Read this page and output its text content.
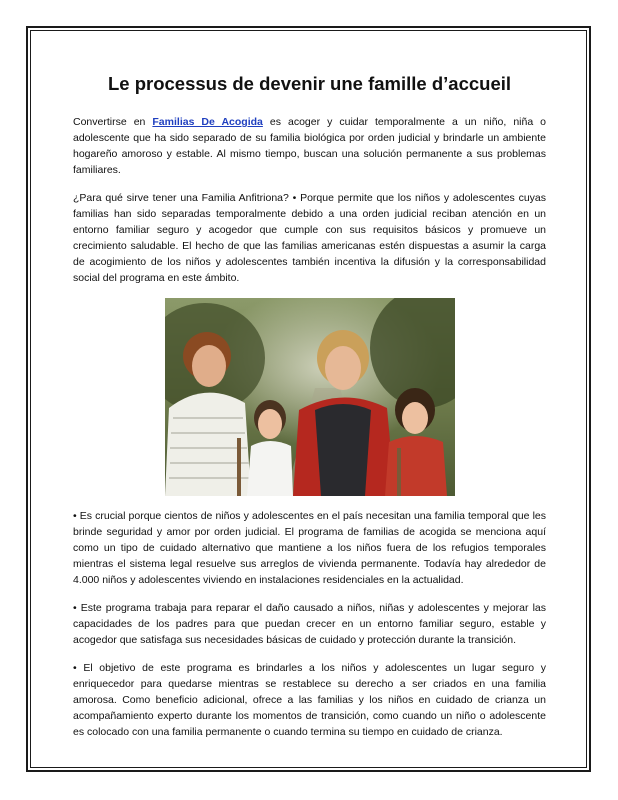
Le processus de devenir une famille d’accueil

Convertirse en Familias De Acogida es acoger y cuidar temporalmente a un niño, niña o adolescente que ha sido separado de su familia biológica por orden judicial y brindarle un ambiente hogareño amoroso y estable. Al mismo tiempo, buscan una solución permanente a sus problemas familiares.

¿Para qué sirve tener una Familia Anfitriona? • Porque permite que los niños y adolescentes cuyas familias han sido separadas temporalmente debido a una orden judicial reciban atención en un entorno familiar seguro y acogedor que cumple con sus requisitos básicos y promueve un crecimiento saludable. El hecho de que las familias americanas estén dispuestas a asumir la carga de acogimiento de los niños y adolescentes también incentiva la difusión y la corresponsabilidad social del programa en este ámbito.

• Es crucial porque cientos de niños y adolescentes en el país necesitan una familia temporal que les brinde seguridad y amor por orden judicial. El programa de familias de acogida se menciona aquí como un tipo de cuidado alternativo que mantiene a los niños fuera de los refugios temporales mientras el sistema legal resuelve sus arreglos de vivienda permanente. Todavía hay alrededor de 4.000 niños y adolescentes viviendo en instalaciones residenciales en la actualidad.

• Este programa trabaja para reparar el daño causado a niños, niñas y adolescentes y mejorar las capacidades de los padres para que puedan crecer en un entorno familiar seguro, estable y acogedor que satisfaga sus necesidades básicas de cuidado y protección durante la transición.

• El objetivo de este programa es brindarles a los niños y adolescentes un lugar seguro y enriquecedor para quedarse mientras se restablece su derecho a ser criados en una familia amorosa. Como beneficio adicional, ofrece a las familias y los niños en cuidado de crianza un acompañamiento experto durante los momentos de transición, como cuando un niño o adolescente es colocado con una familia permanente o cuando termina su tiempo en cuidado de crianza.
